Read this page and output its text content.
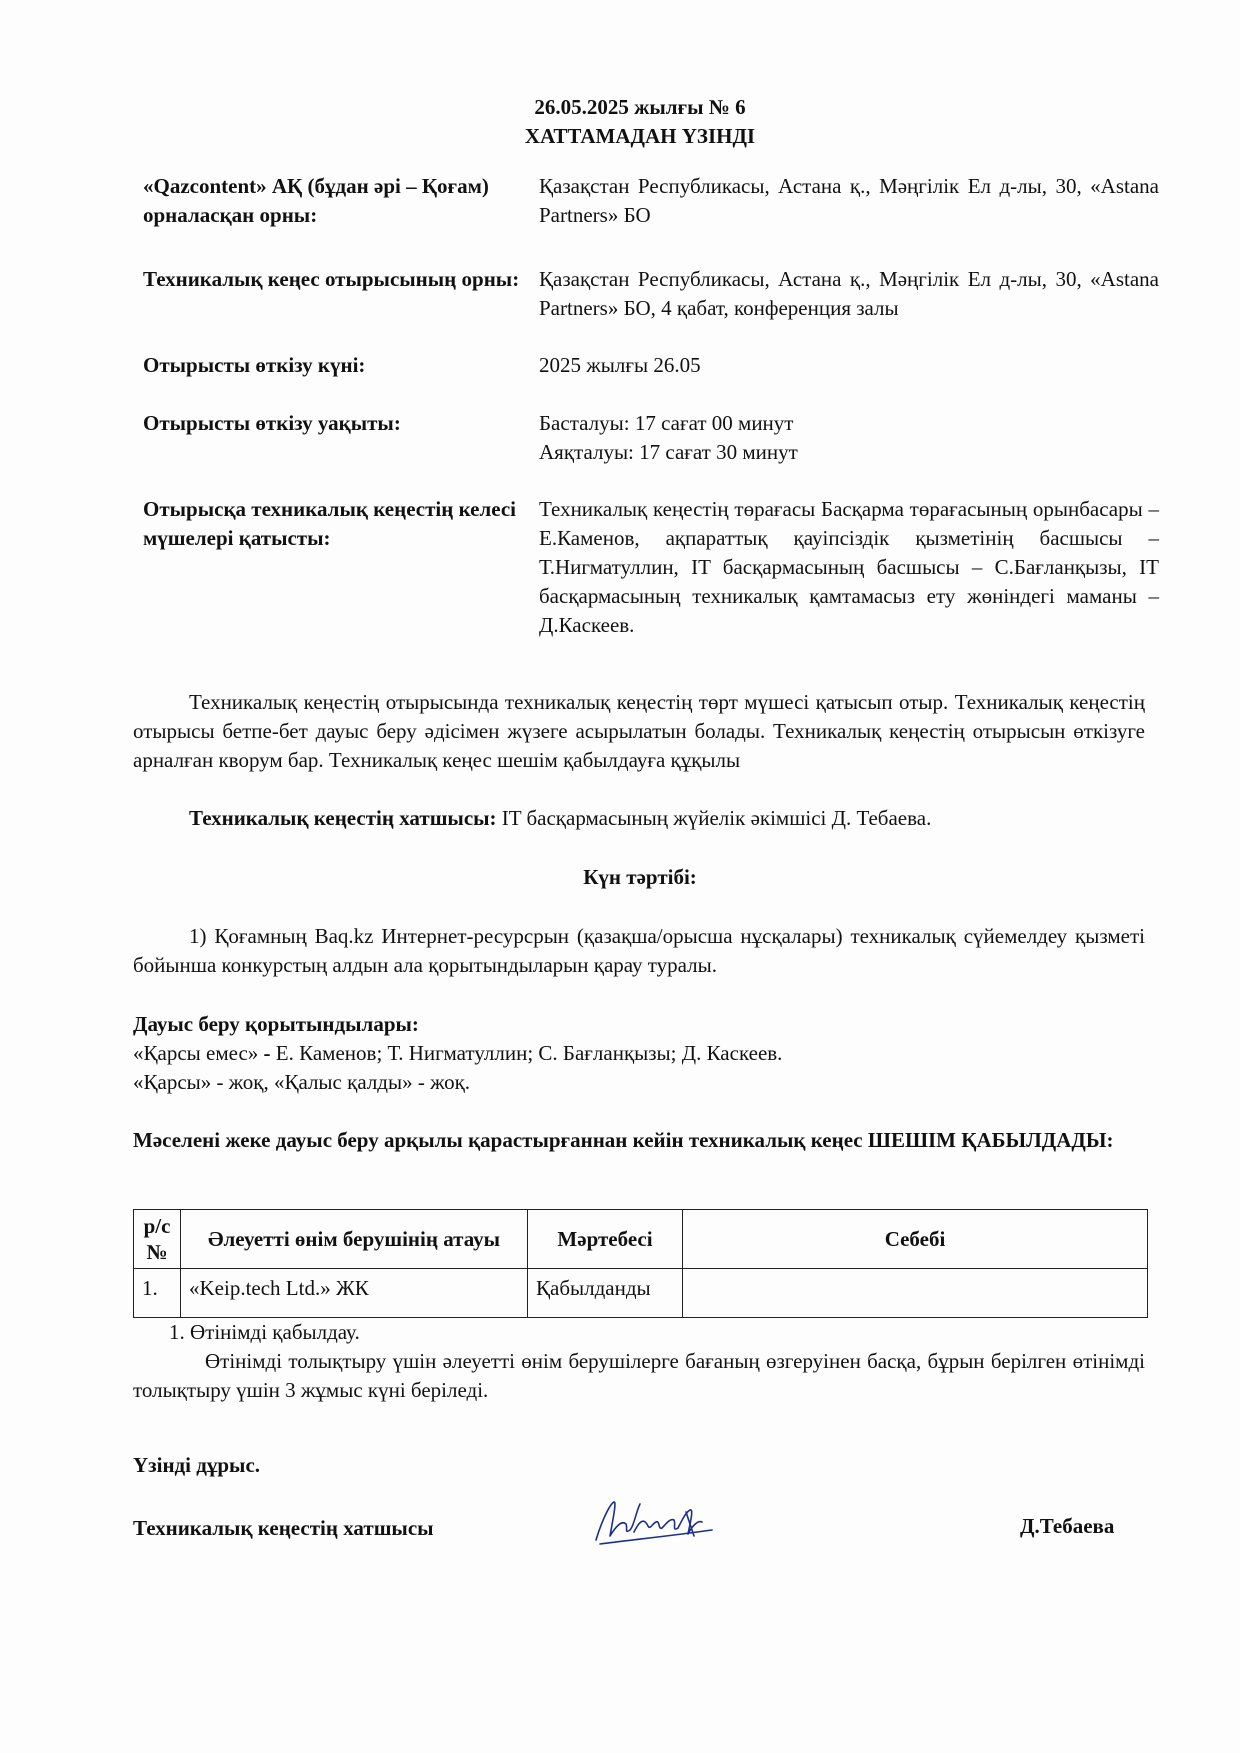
26.05.2025 жылғы № 6
ХАТТАМАДАН ҮЗІНДІ
«Qazcontent» АҚ (бұдан әрі – Қоғам) орналасқан орны:
Қазақстан Республикасы, Астана қ., Мәңгілік Ел д-лы, 30, «Astana Partners» БО
Техникалық кеңес отырысының орны: Қазақстан Республикасы, Астана қ., Мәңгілік Ел д-лы, 30, «Astana Partners» БО, 4 қабат, конференция залы
Отырысты өткізу күні:	2025 жылғы 26.05
Отырысты өткізу уақыты:	Басталуы: 17 сағат 00 минут
Аяқталуы: 17 сағат 30 минут
Отырысқа техникалық кеңестің келесі мүшелері қатысты:
Техникалық кеңестің төрағасы Басқарма төрағасының орынбасары – Е.Каменов, ақпараттық қауіпсіздік қызметінің басшысы – Т.Нигматуллин, IT басқармасының басшысы – С.Бағланқызы, IT басқармасының техникалық қамтамасыз ету жөніндегі маманы – Д.Каскеев.
Техникалық кеңестің отырысында техникалық кеңестің төрт мүшесі қатысып отыр. Техникалық кеңестің отырысы бетпе-бет дауыс беру әдісімен жүзеге асырылатын болады. Техникалық кеңестің отырысын өткізуге арналған кворум бар. Техникалық кеңес шешім қабылдауға құқылы
Техникалық кеңестің хатшысы: IT басқармасының жүйелік әкімшісі Д. Тебаева.
Күн тәртібі:
1) Қоғамның Baq.kz Интернет-ресурсрын (қазақша/орысша нұсқалары) техникалық сүйемелдеу қызметі бойынша конкурстың алдын ала қорытындыларын қарау туралы.
Дауыс беру қорытындылары:
«Қарсы емес» - Е. Каменов; Т. Нигматуллин; С. Бағланқызы; Д. Каскеев.
«Қарсы» - жоқ, «Қалыс қалды» - жоқ.
Мәселені жеке дауыс беру арқылы қарастырғаннан кейін техникалық кеңес ШЕШІМ ҚАБЫЛДАДЫ:
р/с №	Әлеуетті өнім берушінің атауы	Мәртебесі	Себебі
1.	«Keip.tech Ltd.» ЖК	Қабылданды	
1. Өтінімді қабылдау.
Өтінімді толықтыру үшін әлеуетті өнім берушілерге бағаның өзгеруінен басқа, бұрын берілген өтінімді толықтыру үшін 3 жұмыс күні беріледі.
Үзінді дұрыс.
Техникалық кеңестің хатшысы	Д.Тебаева
